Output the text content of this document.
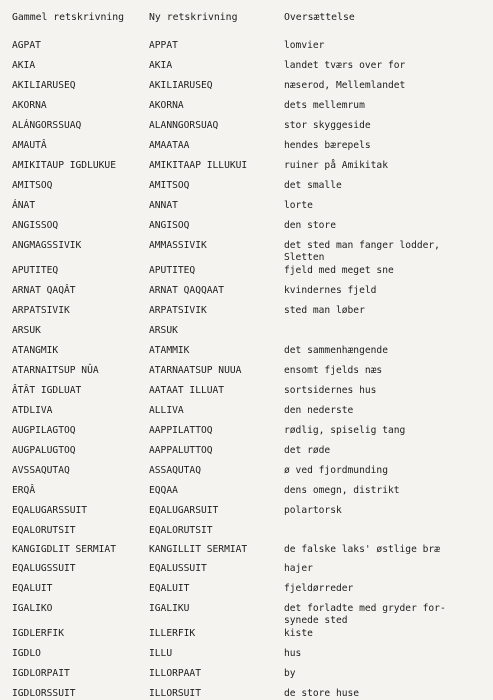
Gammel retskrivning	Ny retskrivning	Oversættelse
AGPAT	APPAT	lomvier
AKIA	AKIA	landet tværs over for
AKILIARUSEQ	AKILIARUSEQ	næserod, Mellemlandet
AKORNA	AKORNA	dets mellemrum
ALÁNGORSSUAQ	ALANNGORSUAQ	stor skyggeside
AMAUTÂ	AMAATAA	hendes bærepels
AMIKITAUP IGDLUKUE	AMIKITAAP ILLUKUI	ruiner på Amikitak
AMITSOQ	AMITSOQ	det smalle
ÁNAT	ANNAT	lorte
ANGISSOQ	ANGISOQ	den store
ANGMAGSSIVIK	AMMASSIVIK	det sted man fanger lodder,
Sletten
APUTITEQ	APUTITEQ	fjeld med meget sne
ARNAT QAQÂT	ARNAT QAQQAAT	kvindernes fjeld
ARPATSIVIK	ARPATSIVIK	sted man løber
ARSUK	ARSUK
ATANGMIK	ATAMMIK	det sammenhængende
ATARNAITSUP NÛA	ATARNAATSUP NUUA	ensomt fjelds næs
ÂTÂT IGDLUAT	AATAAT ILLUAT	sortsidernes hus
ATDLIVA	ALLIVA	den nederste
AUGPILAGTOQ	AAPPILATTOQ	rødlig, spiselig tang
AUGPALUGTOQ	AAPPALUTTOQ	det røde
AVSSAQUTAQ	ASSAQUTAQ	ø ved fjordmunding
ERQÂ	EQQAA	dens omegn, distrikt
EQALUGARSSUIT	EQALUGARSUIT	polartorsk
EQALORUTSIT	EQALORUTSIT
KANGIGDLIT SERMIAT	KANGILLIT SERMIAT	de falske laks' østlige bræ
EQALUGSSUIT	EQALUSSUIT	hajer
EQALUIT	EQALUIT	fjeldørreder
IGALIKO	IGALIKU	det forladte med gryder for-
synede sted
IGDLERFIK	ILLERFIK	kiste
IGDLO	ILLU	hus
IGDLORPAIT	ILLORPAAT	by
IGDLORSSUIT	ILLORSUIT	de store huse
